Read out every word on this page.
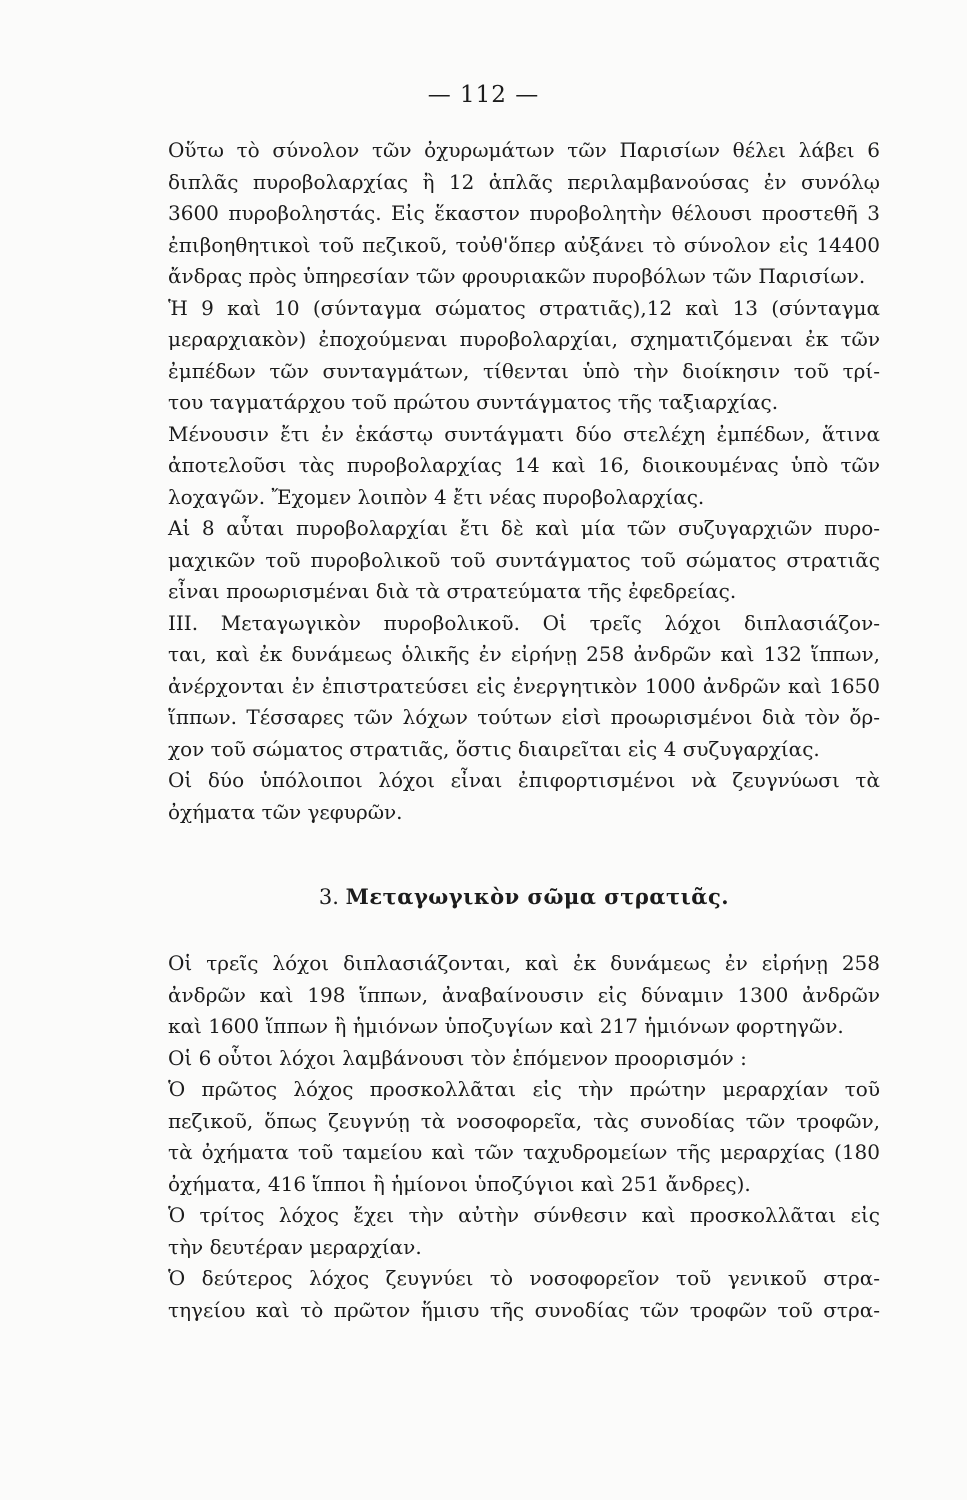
— 112 —
Οὕτω τὸ σύνολον τῶν ὀχυρωμάτων τῶν Παρισίων θέλει λάβει 6
διπλᾶς πυροβολαρχίας ἢ 12 ἁπλᾶς περιλαμβανούσας ἐν συνόλῳ
3600 πυροβοληστάς. Εἰς ἕκαστον πυροβολητὴν θέλουσι προστεθῆ 3
ἐπιβοηθητικοὶ τοῦ πεζικοῦ, τοὐθ'ὅπερ αὐξάνει τὸ σύνολον εἰς 14400
ἄνδρας πρὸς ὑπηρεσίαν τῶν φρουριακῶν πυροβόλων τῶν Παρισίων.
Ἡ 9 καὶ 10 (σύνταγμα σώματος στρατιᾶς),12 καὶ 13 (σύνταγμα
μεραρχιακὸν) ἐποχούμεναι πυροβολαρχίαι, σχηματιζόμεναι ἐκ τῶν
ἐμπέδων τῶν συνταγμάτων, τίθενται ὑπὸ τὴν διοίκησιν τοῦ τρί-
του ταγματάρχου τοῦ πρώτου συντάγματος τῆς ταξιαρχίας.
Μένουσιν ἔτι ἐν ἑκάστῳ συντάγματι δύο στελέχη ἐμπέδων, ἅτινα
ἀποτελοῦσι τὰς πυροβολαρχίας 14 καὶ 16, διοικουμένας ὑπὸ τῶν
λοχαγῶν. Ἔχομεν λοιπὸν 4 ἔτι νέας πυροβολαρχίας.
Αἱ 8 αὗται πυροβολαρχίαι ἔτι δὲ καὶ μία τῶν συζυγαρχιῶν πυρο-
μαχικῶν τοῦ πυροβολικοῦ τοῦ συντάγματος τοῦ σώματος στρατιᾶς
εἶναι προωρισμέναι διὰ τὰ στρατεύματα τῆς ἐφεδρείας.
III. Μεταγωγικὸν πυροβολικοῦ. Οἱ τρεῖς λόχοι διπλασιάζον-
ται, καὶ ἐκ δυνάμεως ὁλικῆς ἐν εἰρήνῃ 258 ἀνδρῶν καὶ 132 ἵππων,
ἀνέρχονται ἐν ἐπιστρατεύσει εἰς ἐνεργητικὸν 1000 ἀνδρῶν καὶ 1650
ἵππων. Τέσσαρες τῶν λόχων τούτων εἰσὶ προωρισμένοι διὰ τὸν ὄρ-
χον τοῦ σώματος στρατιᾶς, ὅστις διαιρεῖται εἰς 4 συζυγαρχίας.
Οἱ δύο ὑπόλοιποι λόχοι εἶναι ἐπιφορτισμένοι νὰ ζευγνύωσι τὰ
ὀχήματα τῶν γεφυρῶν.
3. Μεταγωγικὸν σῶμα στρατιᾶς.
Οἱ τρεῖς λόχοι διπλασιάζονται, καὶ ἐκ δυνάμεως ἐν εἰρήνῃ 258
ἀνδρῶν καὶ 198 ἵππων, ἀναβαίνουσιν εἰς δύναμιν 1300 ἀνδρῶν
καὶ 1600 ἵππων ἢ ἡμιόνων ὑποζυγίων καὶ 217 ἡμιόνων φορτηγῶν.
Οἱ 6 οὗτοι λόχοι λαμβάνουσι τὸν ἑπόμενον προορισμόν :
Ὁ πρῶτος λόχος προσκολλᾶται εἰς τὴν πρώτην μεραρχίαν τοῦ
πεζικοῦ, ὅπως ζευγνύῃ τὰ νοσοφορεῖα, τὰς συνοδίας τῶν τροφῶν,
τὰ ὀχήματα τοῦ ταμείου καὶ τῶν ταχυδρομείων τῆς μεραρχίας (180
ὀχήματα, 416 ἵπποι ἢ ἡμίονοι ὑποζύγιοι καὶ 251 ἄνδρες).
Ὁ τρίτος λόχος ἔχει τὴν αὐτὴν σύνθεσιν καὶ προσκολλᾶται εἰς
τὴν δευτέραν μεραρχίαν.
Ὁ δεύτερος λόχος ζευγνύει τὸ νοσοφορεῖον τοῦ γενικοῦ στρα-
τηγείου καὶ τὸ πρῶτον ἥμισυ τῆς συνοδίας τῶν τροφῶν τοῦ στρα-
